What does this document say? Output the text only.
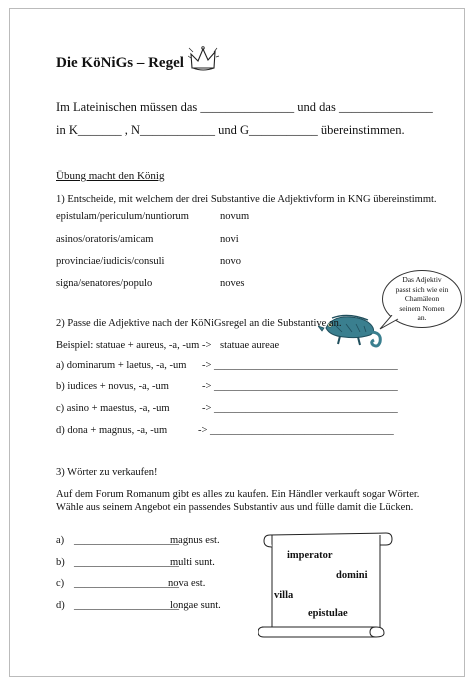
Die KöNiGs – Regel
Im Lateinischen müssen das _______________ und das _______________
in K_______ , N____________ und G___________ übereinstimmen.
Übung macht den König
1) Entscheide, mit welchem der drei Substantive die Adjektivform in KNG übereinstimmt.
epistulam/periculum/nuntiorum	novum
asinos/oratoris/amicam	novi
provinciae/iudicis/consuli	novo
signa/senatores/populo	noves	Das Adjektiv passt sich wie ein Chamäleon seinem Nomen an.
2) Passe die Adjektive nach der KöNiGsregel an die Substantive an.
Beispiel: statuae + aureus, -a, -um -> statuae aureae
a) dominarum + laetus, -a, -um -> ___________________________________
b) iudices + novus, -a, -um	-> ___________________________________
c) asino + maestus, -a, -um	-> ___________________________________
d) dona + magnus, -a, -um	-> ___________________________________
3) Wörter zu verkaufen!
Auf dem Forum Romanum gibt es alles zu kaufen. Ein Händler verkauft sogar Wörter.
Wähle aus seinem Angebot ein passendes Substantiv aus und fülle damit die Lücken.
a) ____________________
magnus est.
b) ____________________
multi sunt.
c) ____________________
nova est.
d) ____________________
longae sunt.
imperator
domini
villa
epistulae
